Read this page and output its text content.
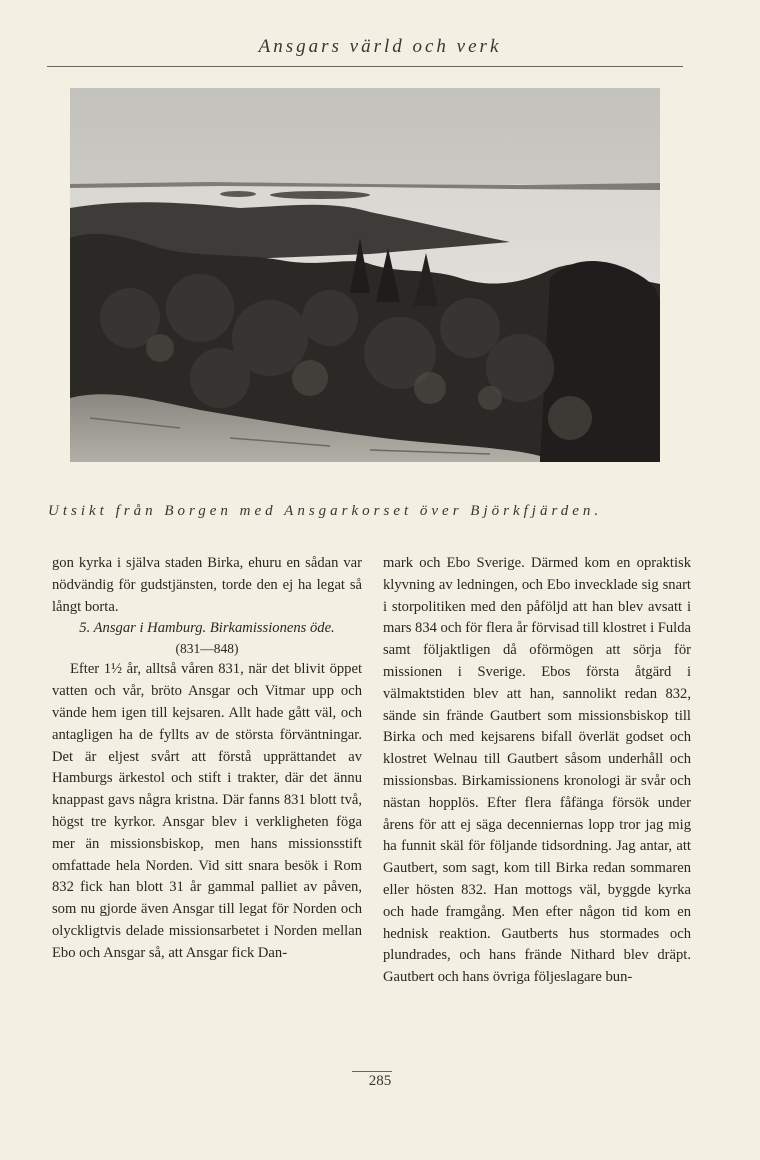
Ansgars värld och verk
Utsikt från Borgen med Ansgarkorset över Björkfjärden.

gon kyrka i själva staden Birka, ehuru en sådan var nödvändig för gudstjänsten, torde den ej ha legat så långt borta.

5. Ansgar i Hamburg. Birkamissionens öde.

(831—848)

Efter 1½ år, alltså våren 831, när det blivit öppet vatten och vår, bröto Ansgar och Vitmar upp och vände hem igen till kejsaren. Allt hade gått väl, och antagligen ha de fyllts av de största förväntningar. Det är eljest svårt att förstå upprättandet av Hamburgs ärkestol och stift i trakter, där det ännu knappast gavs några kristna. Där fanns 831 blott två, högst tre kyrkor. Ansgar blev i verkligheten föga mer än missionsbiskop, men hans missionsstift omfattade hela Norden. Vid sitt snara besök i Rom 832 fick han blott 31 år gammal palliet av påven, som nu gjorde även Ansgar till legat för Norden och olyckligtvis delade missionsarbetet i Norden mellan Ebo och Ansgar så, att Ansgar fick Dan-

mark och Ebo Sverige. Därmed kom en opraktisk klyvning av ledningen, och Ebo invecklade sig snart i storpolitiken med den påföljd att han blev avsatt i mars 834 och för flera år förvisad till klostret i Fulda samt följaktligen då oförmögen att sörja för missionen i Sverige. Ebos första åtgärd i välmaktstiden blev att han, sannolikt redan 832, sände sin frände Gautbert som missionsbiskop till Birka och med kejsarens bifall överlät godset och klostret Welnau till Gautbert såsom underhåll och missionsbas. Birkamissionens kronologi är svår och nästan hopplös. Efter flera fåfänga försök under årens för att ej säga decenniernas lopp tror jag mig ha funnit skäl för följande tidsordning. Jag antar, att Gautbert, som sagt, kom till Birka redan sommaren eller hösten 832. Han mottogs väl, byggde kyrka och hade framgång. Men efter någon tid kom en hednisk reaktion. Gautberts hus stormades och plundrades, och hans frände Nithard blev dräpt. Gautbert och hans övriga följeslagare bun-

285
